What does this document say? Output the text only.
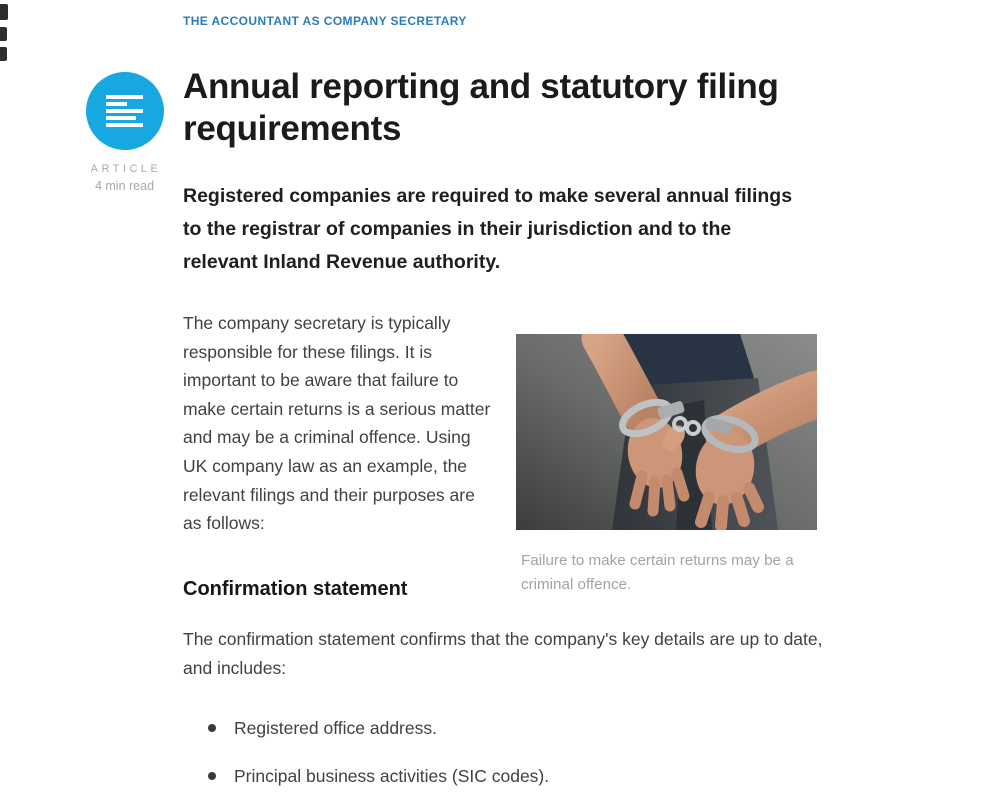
THE ACCOUNTANT AS COMPANY SECRETARY
ARTICLE
4 min read
Annual reporting and statutory filing requirements

Registered companies are required to make several annual filings to the registrar of companies in their jurisdiction and to the relevant Inland Revenue authority.

The company secretary is typically responsible for these filings. It is important to be aware that failure to make certain returns is a serious matter and may be a criminal offence. Using UK company law as an example, the relevant filings and their purposes are as follows:

Failure to make certain returns may be a criminal offence.

Confirmation statement

The confirmation statement confirms that the company's key details are up to date, and includes:

Registered office address.
Principal business activities (SIC codes).
